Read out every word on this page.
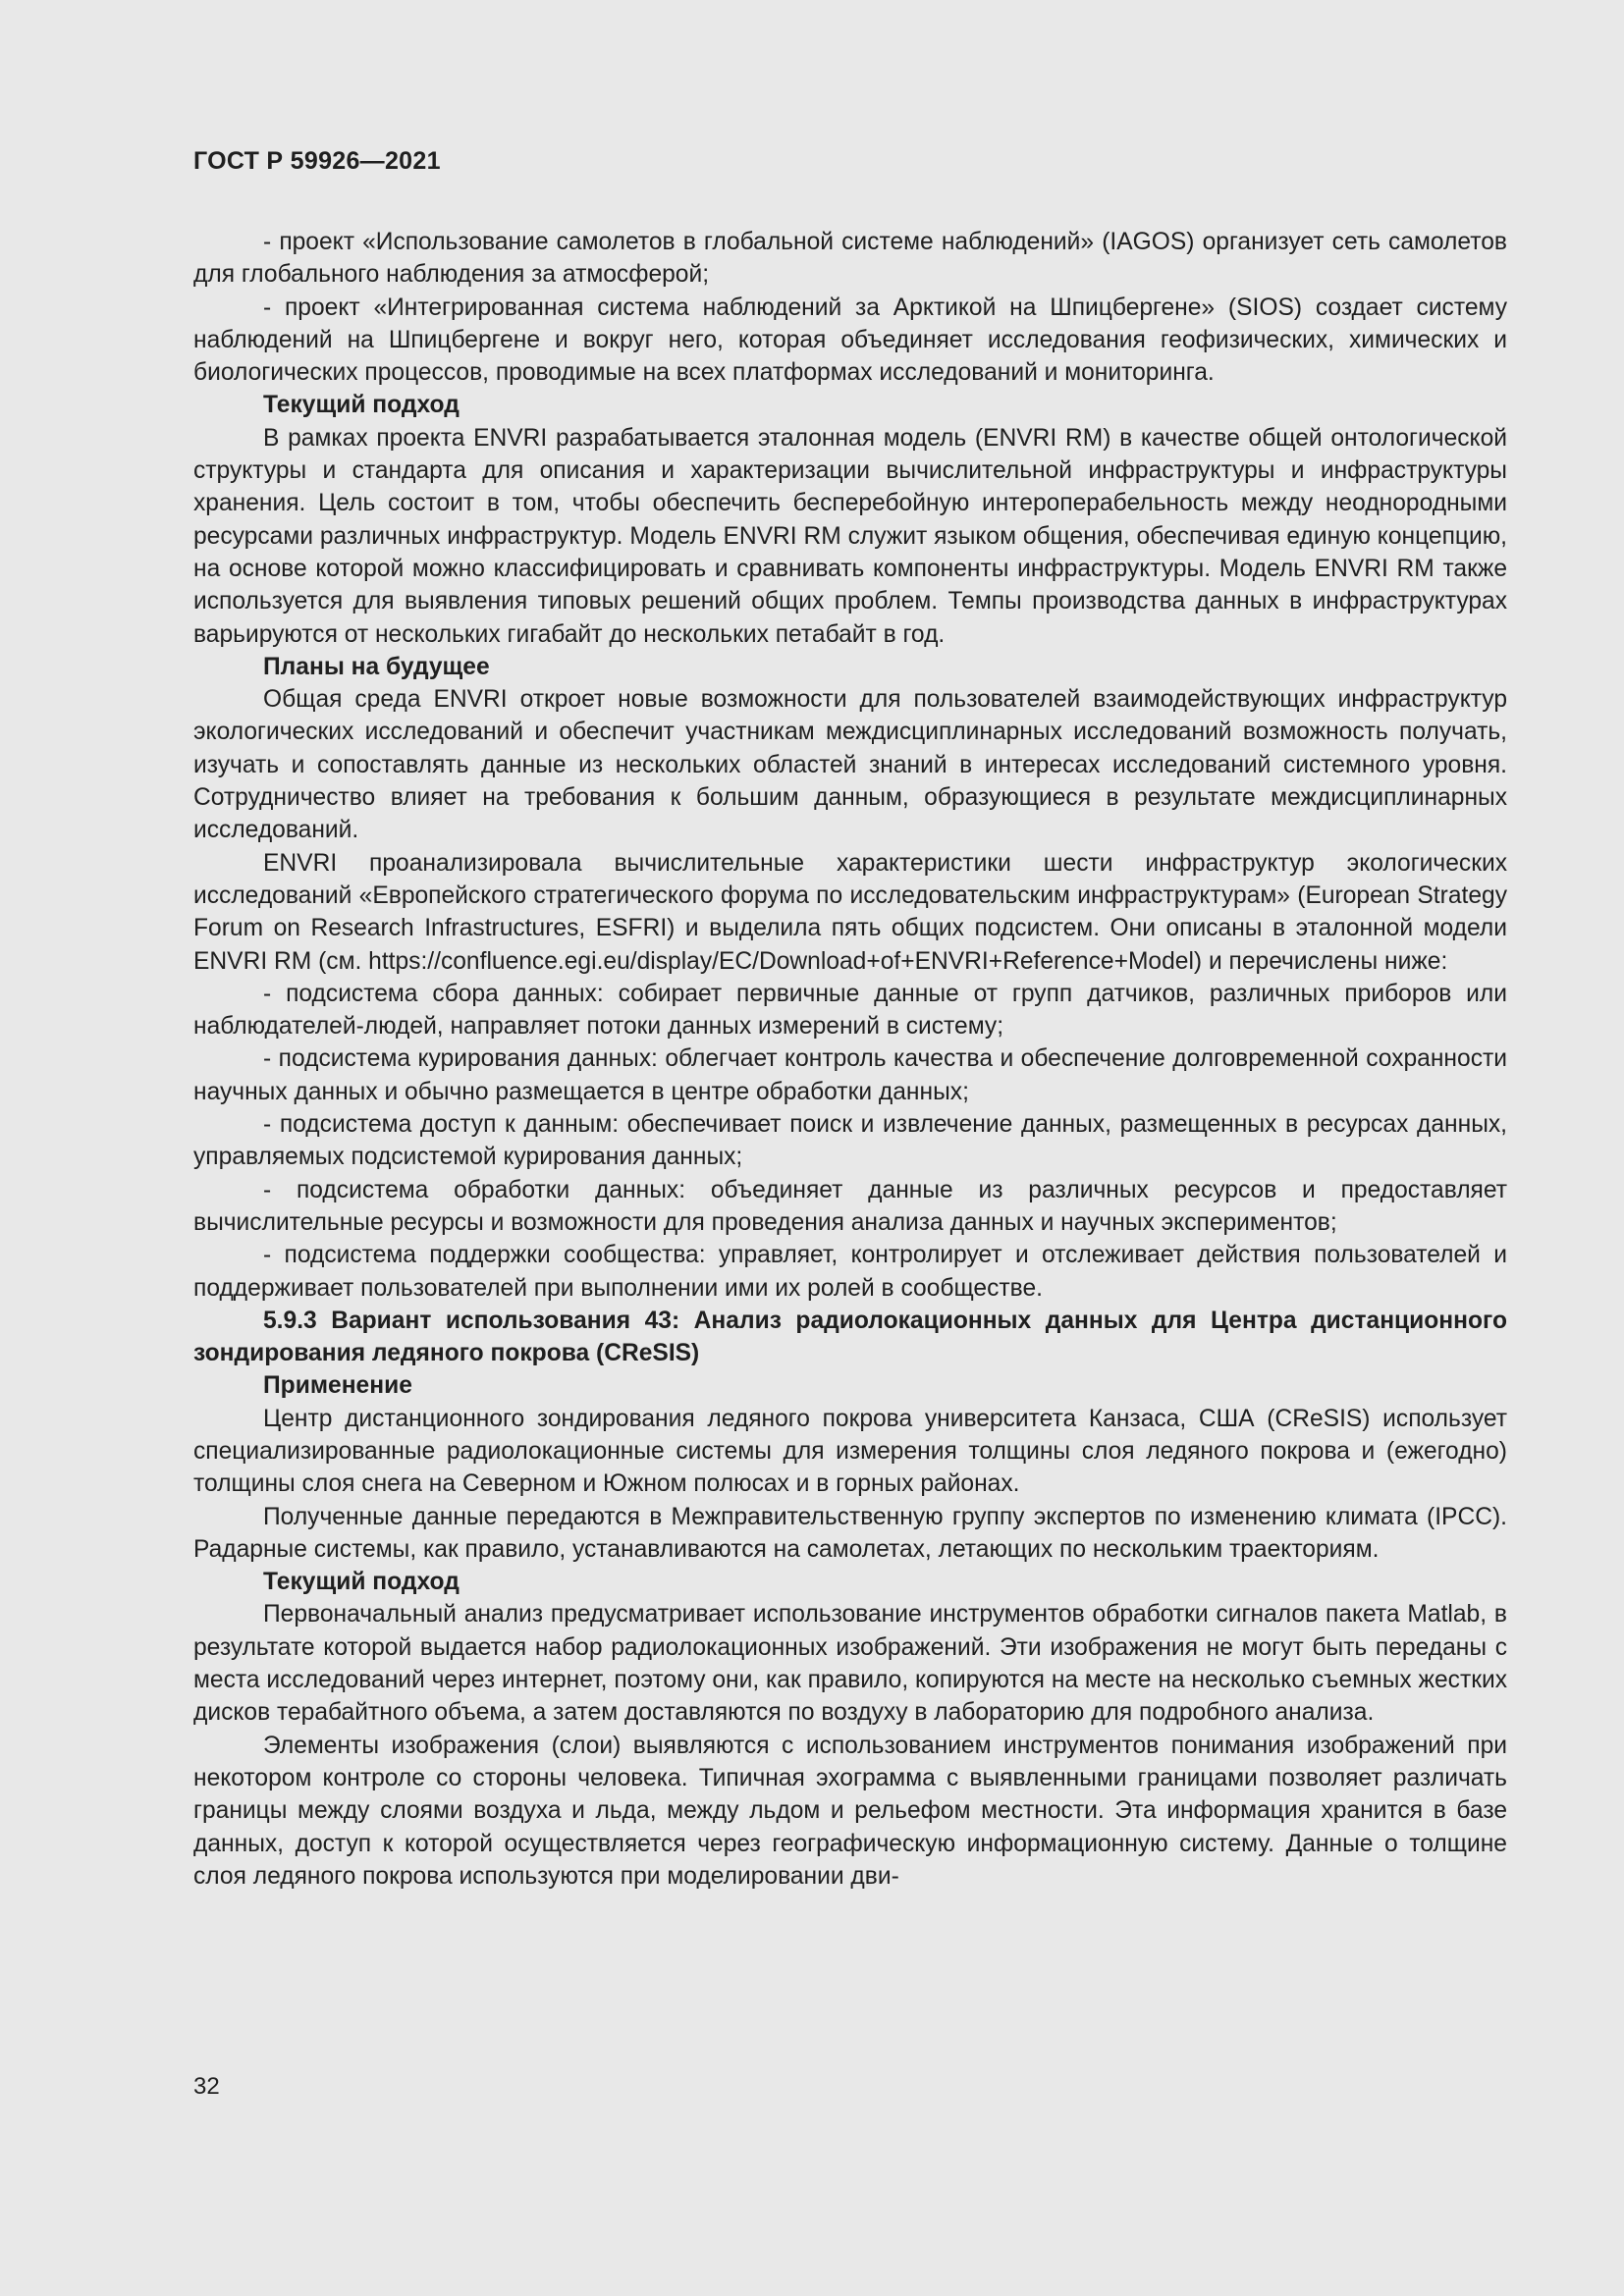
ГОСТ Р 59926—2021

- проект «Использование самолетов в глобальной системе наблюдений» (IAGOS) организует сеть самолетов для глобального наблюдения за атмосферой;

- проект «Интегрированная система наблюдений за Арктикой на Шпицбергене» (SIOS) создает систему наблюдений на Шпицбергене и вокруг него, которая объединяет исследования геофизических, химических и биологических процессов, проводимые на всех платформах исследований и мониторинга.

Текущий подход

В рамках проекта ENVRI разрабатывается эталонная модель (ENVRI RM) в качестве общей онтологической структуры и стандарта для описания и характеризации вычислительной инфраструктуры и инфраструктуры хранения. Цель состоит в том, чтобы обеспечить бесперебойную интероперабельность между неоднородными ресурсами различных инфраструктур. Модель ENVRI RM служит языком общения, обеспечивая единую концепцию, на основе которой можно классифицировать и сравнивать компоненты инфраструктуры. Модель ENVRI RM также используется для выявления типовых решений общих проблем. Темпы производства данных в инфраструктурах варьируются от нескольких гигабайт до нескольких петабайт в год.

Планы на будущее

Общая среда ENVRI откроет новые возможности для пользователей взаимодействующих инфраструктур экологических исследований и обеспечит участникам междисциплинарных исследований возможность получать, изучать и сопоставлять данные из нескольких областей знаний в интересах исследований системного уровня. Сотрудничество влияет на требования к большим данным, образующиеся в результате междисциплинарных исследований.

ENVRI проанализировала вычислительные характеристики шести инфраструктур экологических исследований «Европейского стратегического форума по исследовательским инфраструктурам» (European Strategy Forum on Research Infrastructures, ESFRI) и выделила пять общих подсистем. Они описаны в эталонной модели ENVRI RM (см. https://confluence.egi.eu/display/EC/Download+of+ENVRI+Reference+Model) и перечислены ниже:

- подсистема сбора данных: собирает первичные данные от групп датчиков, различных приборов или наблюдателей-людей, направляет потоки данных измерений в систему;

- подсистема курирования данных: облегчает контроль качества и обеспечение долговременной сохранности научных данных и обычно размещается в центре обработки данных;

- подсистема доступ к данным: обеспечивает поиск и извлечение данных, размещенных в ресурсах данных, управляемых подсистемой курирования данных;

- подсистема обработки данных: объединяет данные из различных ресурсов и предоставляет вычислительные ресурсы и возможности для проведения анализа данных и научных экспериментов;

- подсистема поддержки сообщества: управляет, контролирует и отслеживает действия пользователей и поддерживает пользователей при выполнении ими их ролей в сообществе.

5.9.3 Вариант использования 43: Анализ радиолокационных данных для Центра дистанционного зондирования ледяного покрова (CReSIS)

Применение

Центр дистанционного зондирования ледяного покрова университета Канзаса, США (CReSIS) использует специализированные радиолокационные системы для измерения толщины слоя ледяного покрова и (ежегодно) толщины слоя снега на Северном и Южном полюсах и в горных районах.

Полученные данные передаются в Межправительственную группу экспертов по изменению климата (IPCC). Радарные системы, как правило, устанавливаются на самолетах, летающих по нескольким траекториям.

Текущий подход

Первоначальный анализ предусматривает использование инструментов обработки сигналов пакета Matlab, в результате которой выдается набор радиолокационных изображений. Эти изображения не могут быть переданы с места исследований через интернет, поэтому они, как правило, копируются на месте на несколько съемных жестких дисков терабайтного объема, а затем доставляются по воздуху в лабораторию для подробного анализа.

Элементы изображения (слои) выявляются с использованием инструментов понимания изображений при некотором контроле со стороны человека. Типичная эхограмма с выявленными границами позволяет различать границы между слоями воздуха и льда, между льдом и рельефом местности. Эта информация хранится в базе данных, доступ к которой осуществляется через географическую информационную систему. Данные о толщине слоя ледяного покрова используются при моделировании дви-

32
